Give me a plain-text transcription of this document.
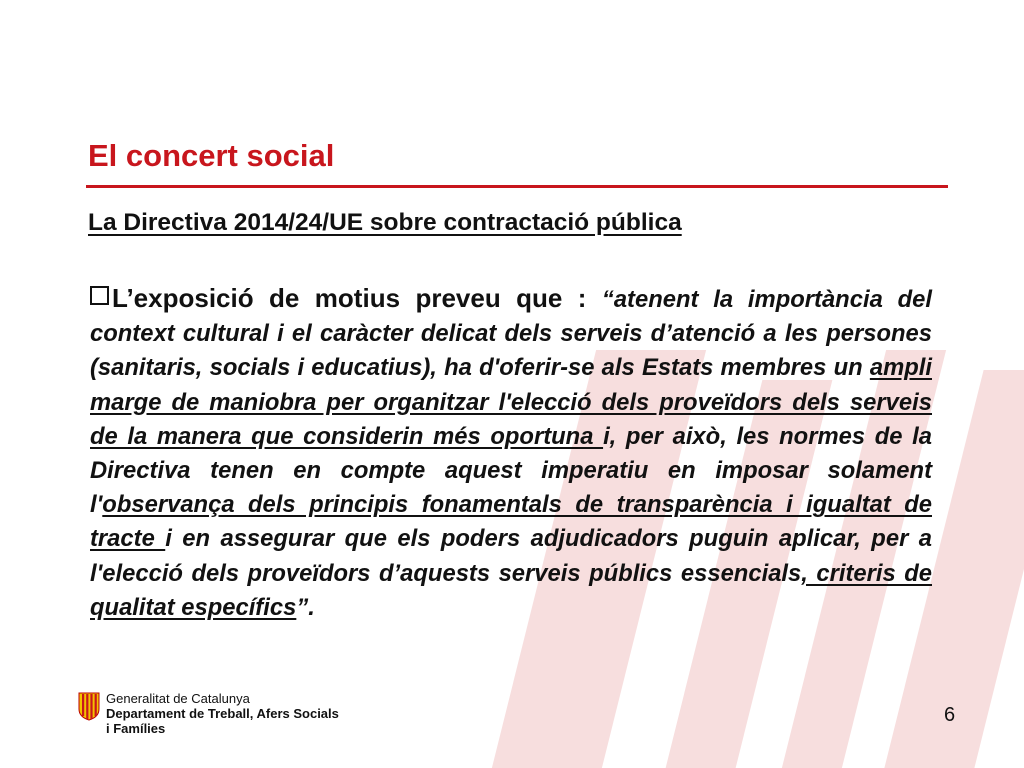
El concert social
La Directiva 2014/24/UE sobre contractació pública

L’exposició de motius preveu que : “atenent la importància del context cultural i el caràcter delicat dels serveis d’atenció a les persones (sanitaris, socials i educatius), ha d'oferir-se als Estats membres un ampli marge de maniobra per organitzar l'elecció dels proveïdors dels serveis de la manera que considerin més oportuna i, per això, les normes de la Directiva tenen en compte aquest imperatiu en imposar solament l'observança dels principis fonamentals de transparència i igualtat de tracte i en assegurar que els poders adjudicadors puguin aplicar, per a l'elecció dels proveïdors d’aquests serveis públics essencials, criteris de qualitat específics”.

Generalitat de Catalunya
Departament de Treball, Afers Socials
i Famílies
6
